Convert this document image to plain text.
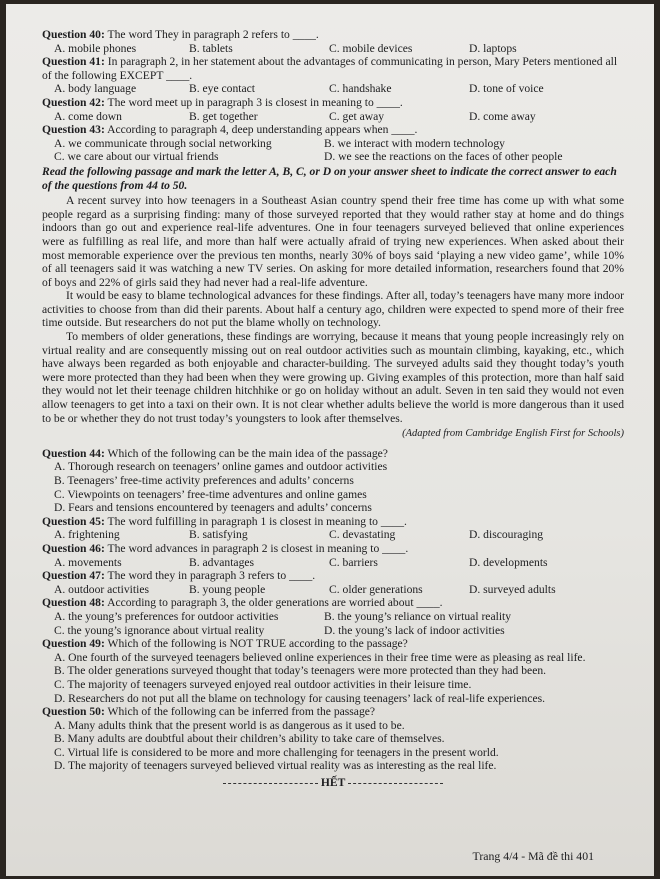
Question 40: The word They in paragraph 2 refers to ____.
A. mobile phones	B. tablets	C. mobile devices	D. laptops
Question 41: In paragraph 2, in her statement about the advantages of communicating in person, Mary Peters mentioned all of the following EXCEPT ____.
A. body language	B. eye contact	C. handshake	D. tone of voice
Question 42: The word meet up in paragraph 3 is closest in meaning to ____.
A. come down	B. get together	C. get away	D. come away
Question 43: According to paragraph 4, deep understanding appears when ____.
A. we communicate through social networking	B. we interact with modern technology
C. we care about our virtual friends	D. we see the reactions on the faces of other people
Read the following passage and mark the letter A, B, C, or D on your answer sheet to indicate the correct answer to each of the questions from 44 to 50.

A recent survey into how teenagers in a Southeast Asian country spend their free time has come up with what some people regard as a surprising finding: many of those surveyed reported that they would rather stay at home and do things indoors than go out and experience real-life adventures. One in four teenagers surveyed believed that online experiences were as fulfilling as real life, and more than half were actually afraid of trying new experiences. When asked about their most memorable experience over the previous ten months, nearly 30% of boys said ‘playing a new video game’, while 10% of all teenagers said it was watching a new TV series. On asking for more detailed information, researchers found that 20% of boys and 22% of girls said they had never had a real-life adventure.

It would be easy to blame technological advances for these findings. After all, today’s teenagers have many more indoor activities to choose from than did their parents. About half a century ago, children were expected to spend more of their free time outside. But researchers do not put the blame wholly on technology.

To members of older generations, these findings are worrying, because it means that young people increasingly rely on virtual reality and are consequently missing out on real outdoor activities such as mountain climbing, kayaking, etc., which have always been regarded as both enjoyable and character-building. The surveyed adults said they thought today’s youth were more protected than they had been when they were growing up. Giving examples of this protection, more than half said they would not let their teenage children hitchhike or go on holiday without an adult. Seven in ten said they would not even allow teenagers to get into a taxi on their own. It is not clear whether adults believe the world is more dangerous than it used to be or whether they do not trust today’s youngsters to look after themselves.

(Adapted from Cambridge English First for Schools)
Question 44: Which of the following can be the main idea of the passage?
A. Thorough research on teenagers’ online games and outdoor activities
B. Teenagers’ free-time activity preferences and adults’ concerns
C. Viewpoints on teenagers’ free-time adventures and online games
D. Fears and tensions encountered by teenagers and adults’ concerns
Question 45: The word fulfilling in paragraph 1 is closest in meaning to ____.
A. frightening	B. satisfying	C. devastating	D. discouraging
Question 46: The word advances in paragraph 2 is closest in meaning to ____.
A. movements	B. advantages	C. barriers	D. developments
Question 47: The word they in paragraph 3 refers to ____.
A. outdoor activities	B. young people	C. older generations	D. surveyed adults
Question 48: According to paragraph 3, the older generations are worried about ____.
A. the young’s preferences for outdoor activities	B. the young’s reliance on virtual reality
C. the young’s ignorance about virtual reality	D. the young’s lack of indoor activities
Question 49: Which of the following is NOT TRUE according to the passage?
A. One fourth of the surveyed teenagers believed online experiences in their free time were as pleasing as real life.
B. The older generations surveyed thought that today’s teenagers were more protected than they had been.
C. The majority of teenagers surveyed enjoyed real outdoor activities in their leisure time.
D. Researchers do not put all the blame on technology for causing teenagers’ lack of real-life experiences.
Question 50: Which of the following can be inferred from the passage?
A. Many adults think that the present world is as dangerous as it used to be.
B. Many adults are doubtful about their children’s ability to take care of themselves.
C. Virtual life is considered to be more and more challenging for teenagers in the present world.
D. The majority of teenagers surveyed believed virtual reality was as interesting as the real life.
HẾT
Trang 4/4 - Mã đề thi 401
